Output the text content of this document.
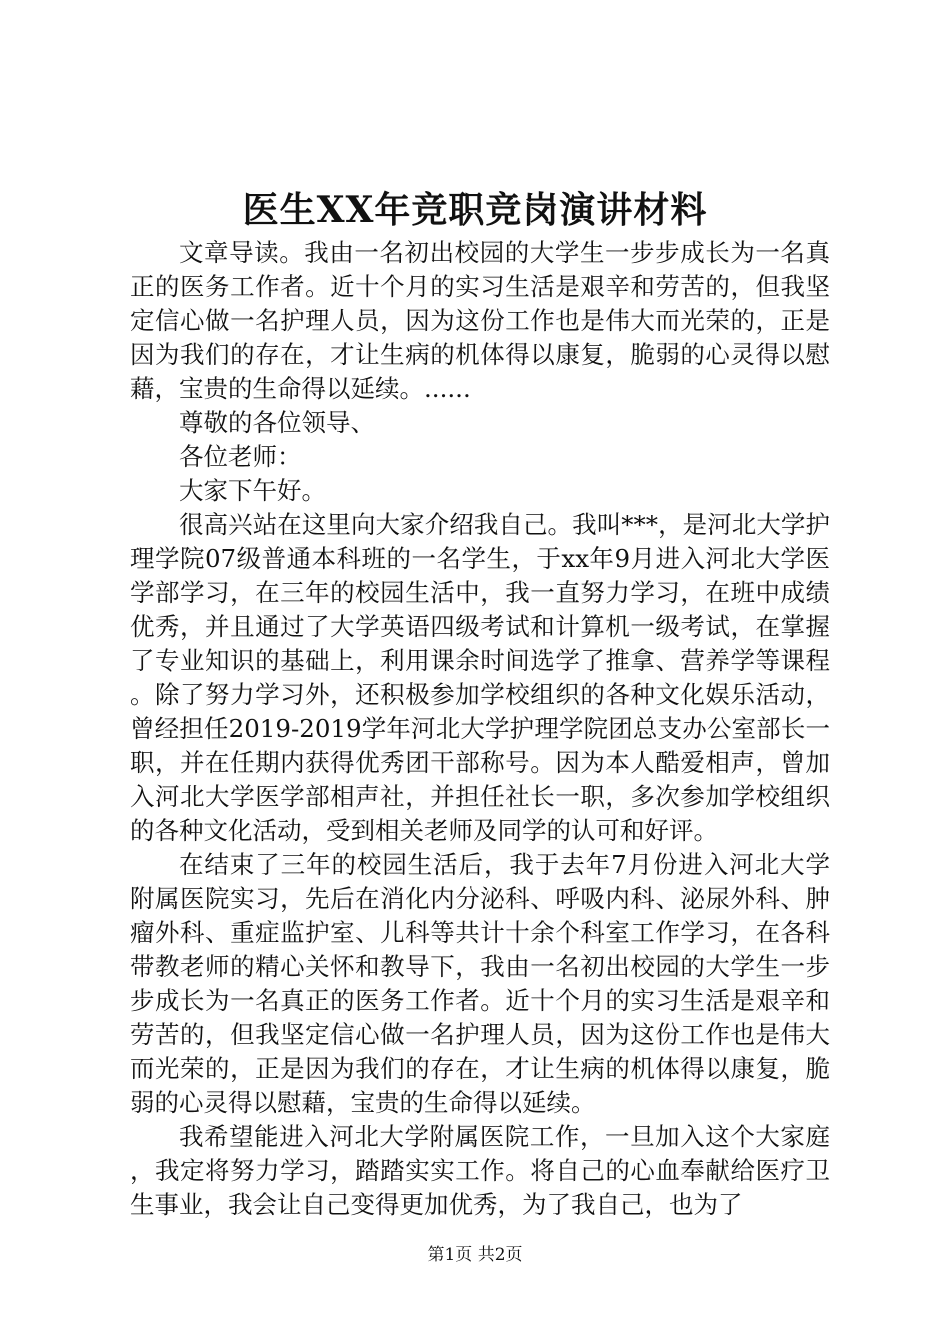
医生XX年竞职竞岗演讲材料

文章导读。我由一名初出校园的大学生一步步成长为一名真正的医务工作者。近十个月的实习生活是艰辛和劳苦的，但我坚定信心做一名护理人员，因为这份工作也是伟大而光荣的，正是因为我们的存在，才让生病的机体得以康复，脆弱的心灵得以慰藉，宝贵的生命得以延续。......

尊敬的各位领导、

各位老师：

大家下午好。

很高兴站在这里向大家介绍我自己。我叫***，是河北大学护理学院07级普通本科班的一名学生，于xx年9月进入河北大学医学部学习，在三年的校园生活中，我一直努力学习，在班中成绩优秀，并且通过了大学英语四级考试和计算机一级考试，在掌握了专业知识的基础上，利用课余时间选学了推拿、营养学等课程。除了努力学习外，还积极参加学校组织的各种文化娱乐活动，曾经担任2019-2019学年河北大学护理学院团总支办公室部长一职，并在任期内获得优秀团干部称号。因为本人酷爱相声，曾加入河北大学医学部相声社，并担任社长一职，多次参加学校组织的各种文化活动，受到相关老师及同学的认可和好评。

在结束了三年的校园生活后，我于去年7月份进入河北大学附属医院实习，先后在消化内分泌科、呼吸内科、泌尿外科、肿瘤外科、重症监护室、儿科等共计十余个科室工作学习，在各科带教老师的精心关怀和教导下，我由一名初出校园的大学生一步步成长为一名真正的医务工作者。近十个月的实习生活是艰辛和劳苦的，但我坚定信心做一名护理人员，因为这份工作也是伟大而光荣的，正是因为我们的存在，才让生病的机体得以康复，脆弱的心灵得以慰藉，宝贵的生命得以延续。

我希望能进入河北大学附属医院工作，一旦加入这个大家庭，我定将努力学习，踏踏实实工作。将自己的心血奉献给医疗卫生事业，我会让自己变得更加优秀，为了我自己，也为了

第1页 共2页
